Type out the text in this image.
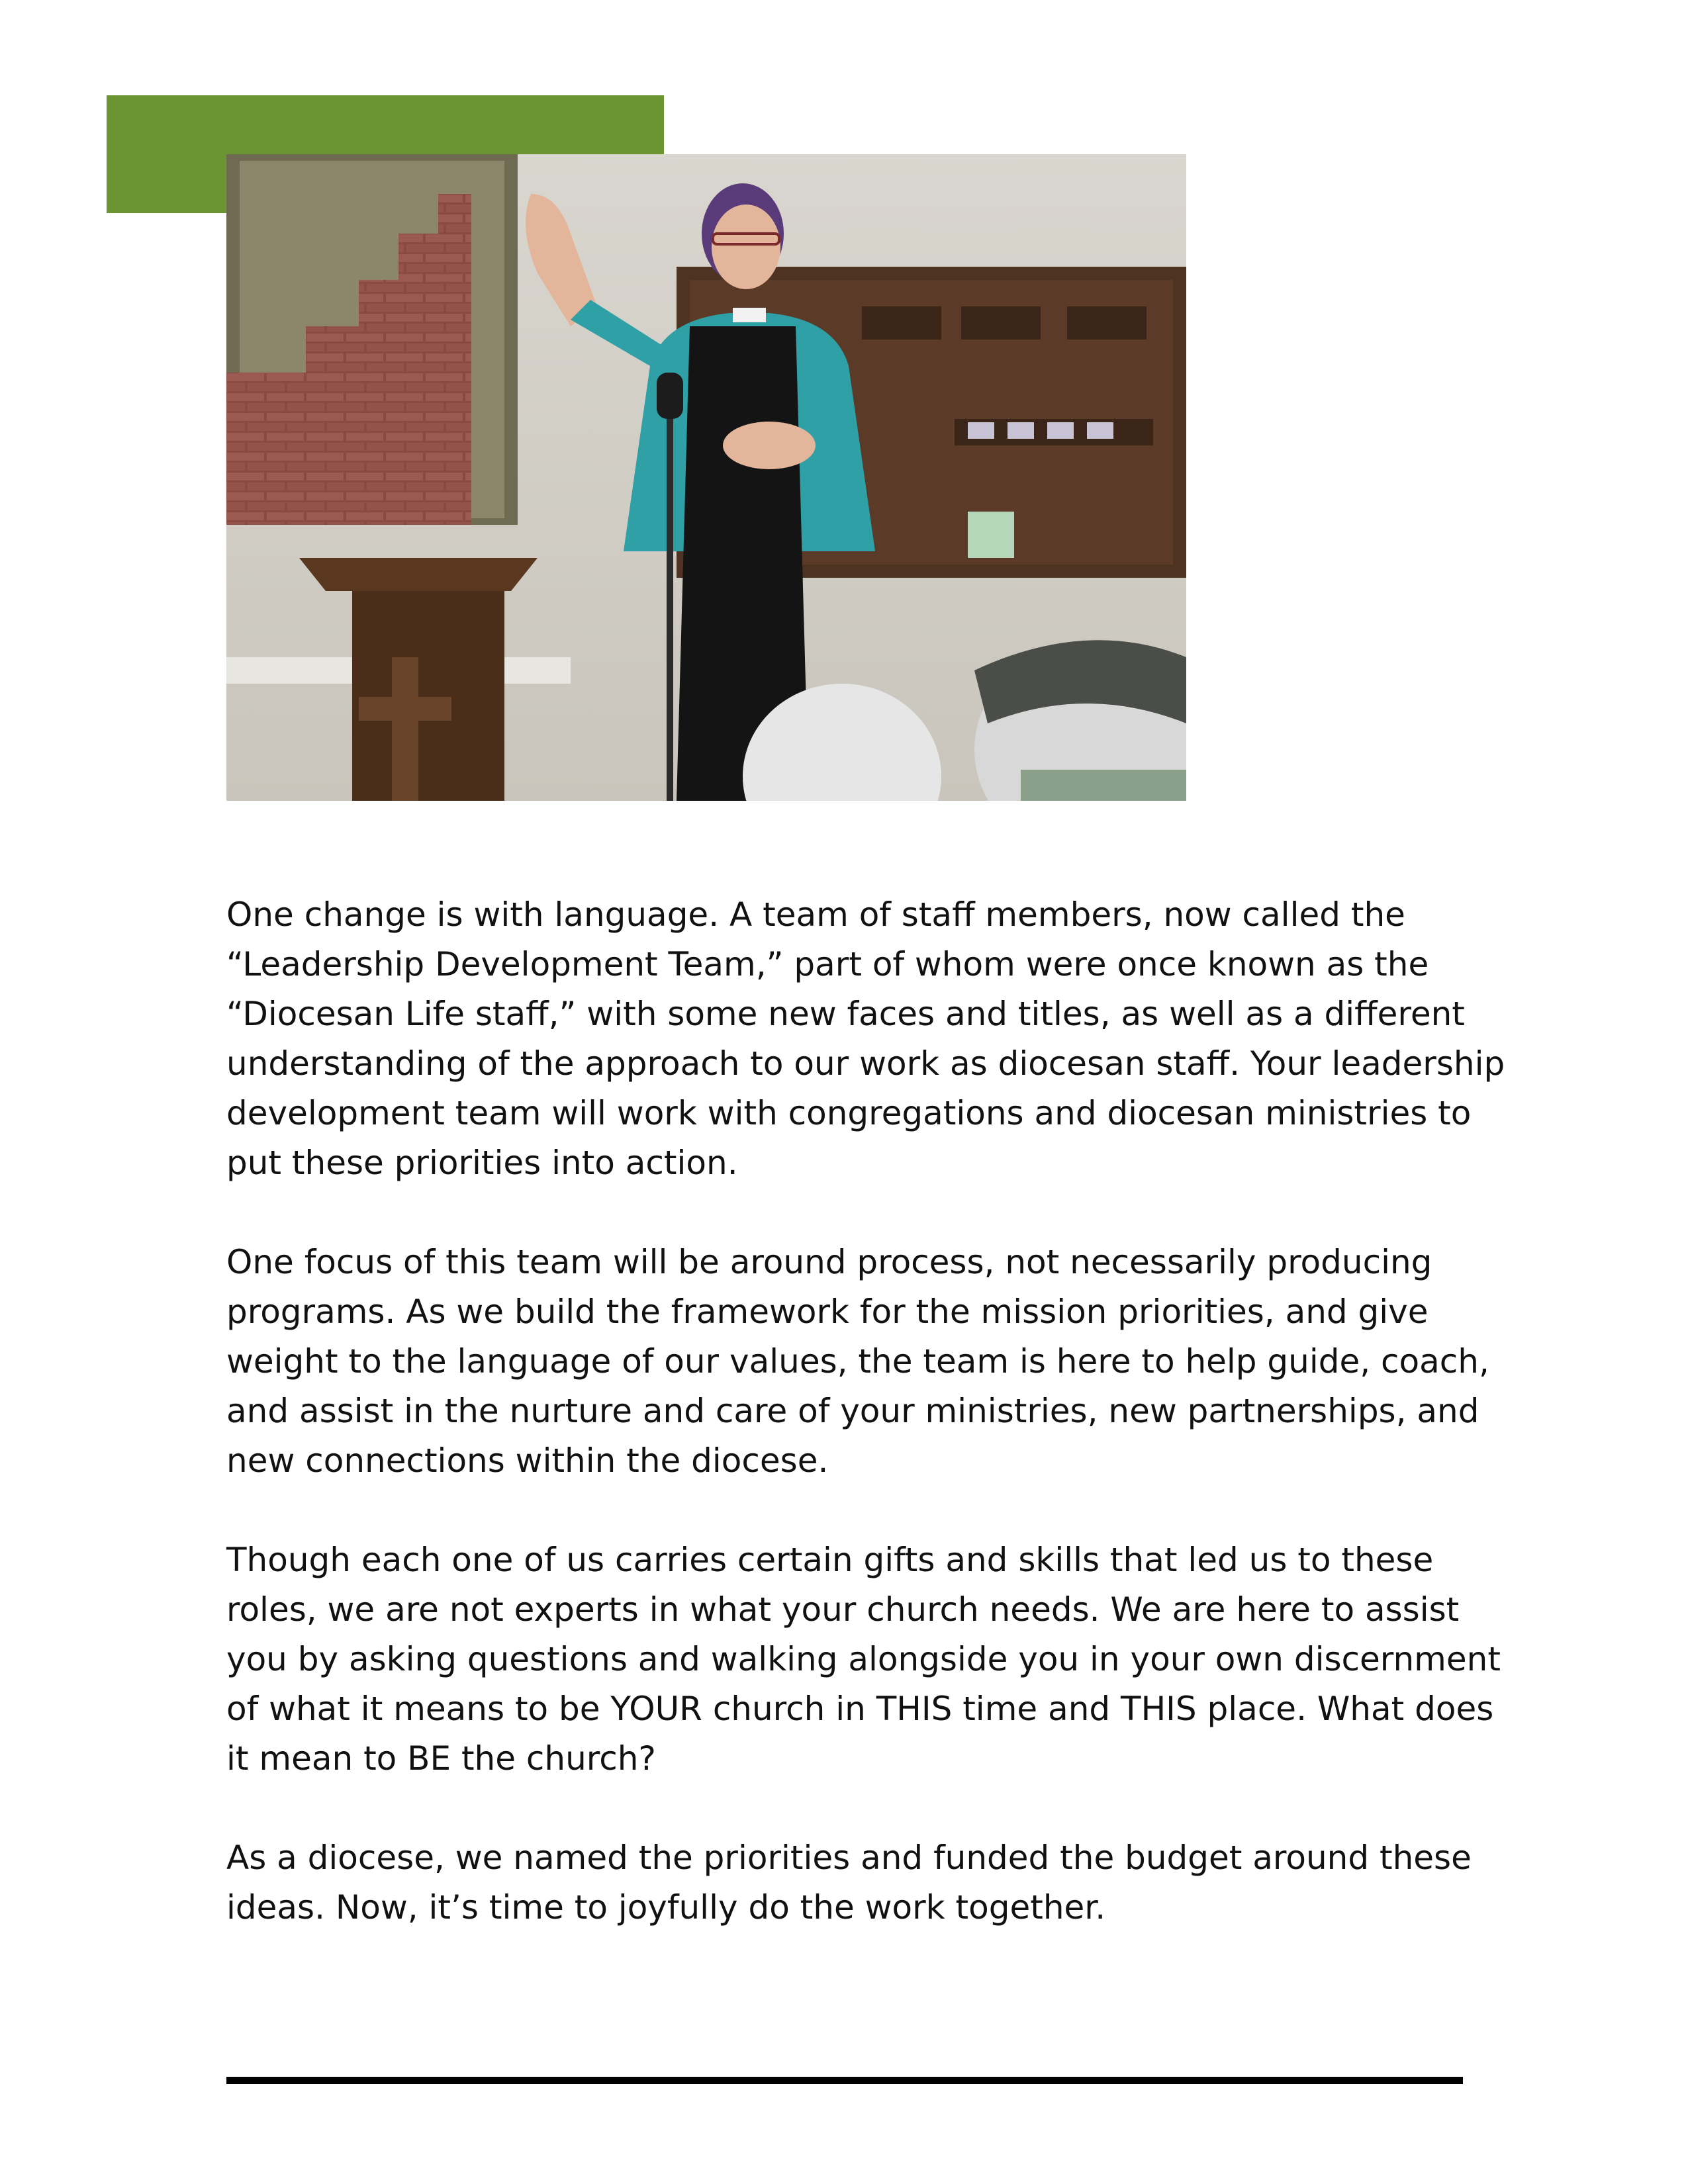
One change is with language. A team of staff members, now called the “Leadership Development Team,” part of whom were once known as the “Diocesan Life staff,” with some new faces and titles, as well as a different understanding of the approach to our work as diocesan staff. Your leadership development team will work with congregations and diocesan ministries to put these priorities into action.

One focus of this team will be around process, not necessarily producing programs. As we build the framework for the mission priorities, and give weight to the language of our values, the team is here to help guide, coach, and assist in the nurture and care of your ministries, new partnerships, and new connections within the diocese.

Though each one of us carries certain gifts and skills that led us to these roles, we are not experts in what your church needs. We are here to assist you by asking questions and walking alongside you in your own discernment of what it means to be YOUR church in THIS time and THIS place. What does it mean to BE the church?

As a diocese, we named the priorities and funded the budget around these ideas. Now, it’s time to joyfully do the work together.
